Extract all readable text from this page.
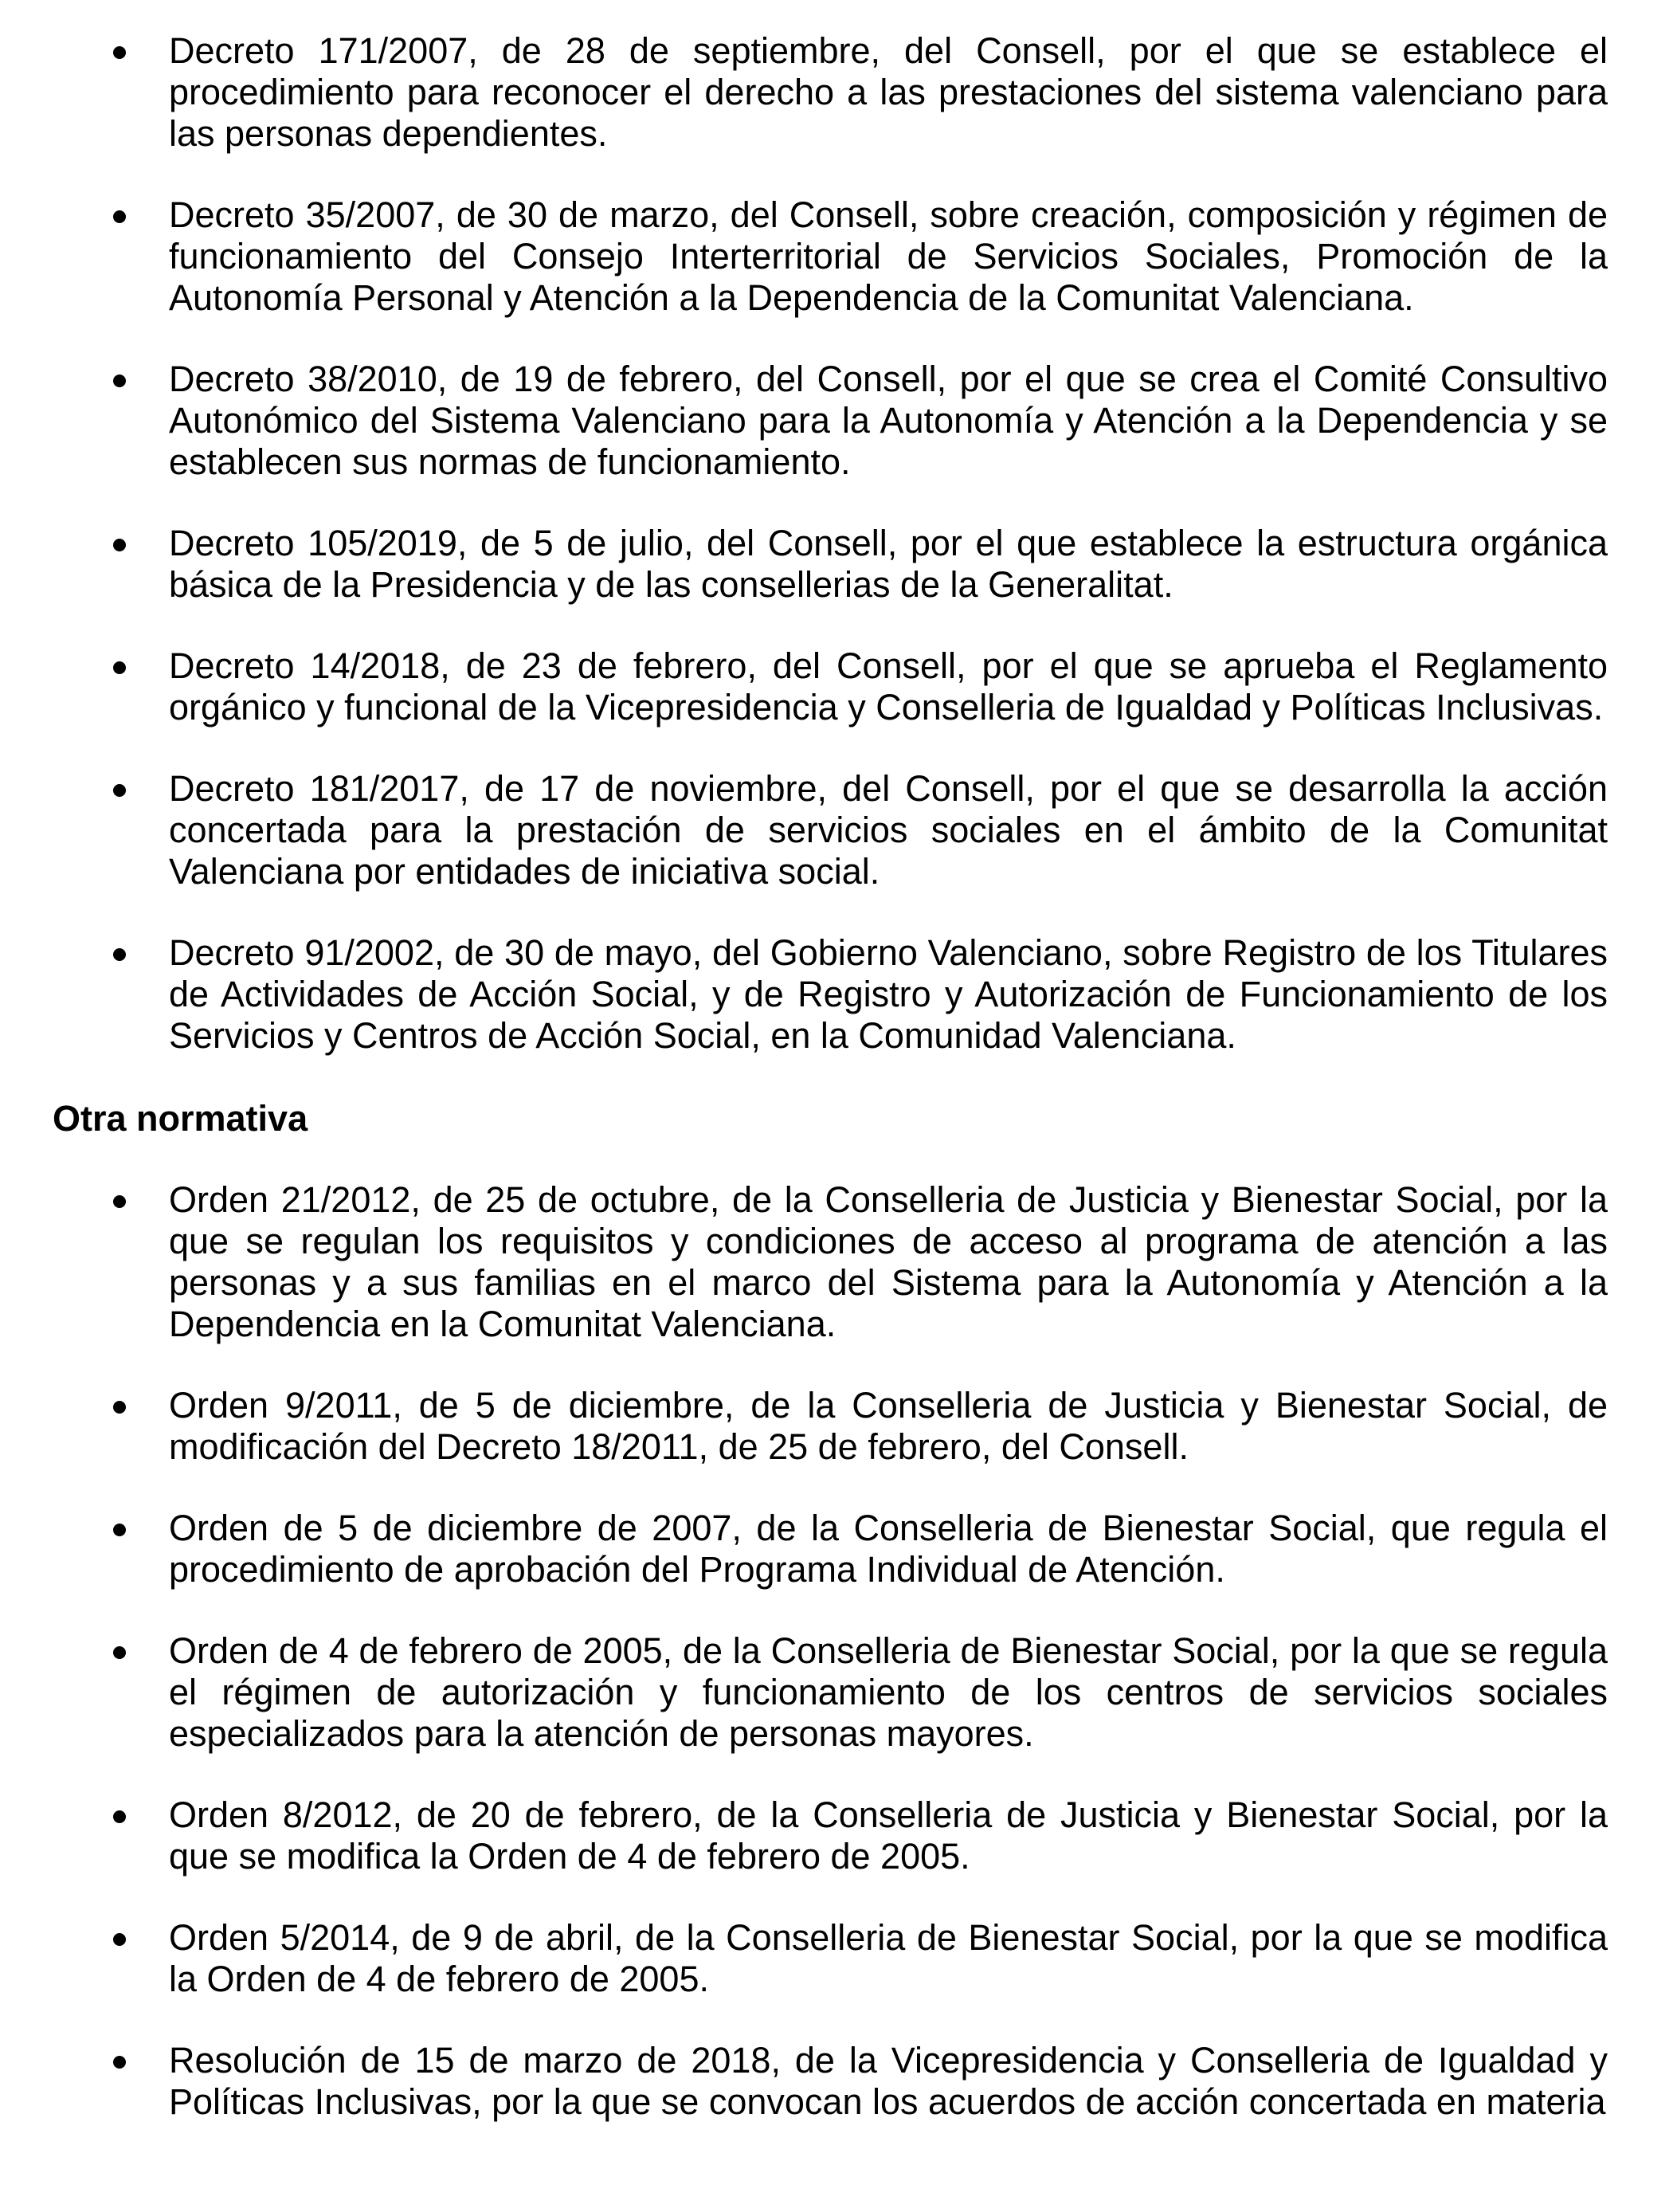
Decreto 171/2007, de 28 de septiembre, del Consell, por el que se establece el procedimiento para reconocer el derecho a las prestaciones del sistema valenciano para las personas dependientes.

Decreto 35/2007, de 30 de marzo, del Consell, sobre creación, composición y régimen de funcionamiento del Consejo Interterritorial de Servicios Sociales, Promoción de la Autonomía Personal y Atención a la Dependencia de la Comunitat Valenciana.

Decreto 38/2010, de 19 de febrero, del Consell, por el que se crea el Comité Consultivo Autonómico del Sistema Valenciano para la Autonomía y Atención a la Dependencia y se establecen sus normas de funcionamiento.

Decreto 105/2019, de 5 de julio, del Consell, por el que establece la estructura orgánica básica de la Presidencia y de las consellerias de la Generalitat.

Decreto 14/2018, de 23 de febrero, del Consell, por el que se aprueba el Reglamento orgánico y funcional de la Vicepresidencia y Conselleria de Igualdad y Políticas Inclusivas.

Decreto 181/2017, de 17 de noviembre, del Consell, por el que se desarrolla la acción concertada para la prestación de servicios sociales en el ámbito de la Comunitat Valenciana por entidades de iniciativa social.

Decreto 91/2002, de 30 de mayo, del Gobierno Valenciano, sobre Registro de los Titulares de Actividades de Acción Social, y de Registro y Autorización de Funcionamiento de los Servicios y Centros de Acción Social, en la Comunidad Valenciana.

Otra normativa

Orden 21/2012, de 25 de octubre, de la Conselleria de Justicia y Bienestar Social, por la que se regulan los requisitos y condiciones de acceso al programa de atención a las personas y a sus familias en el marco del Sistema para la Autonomía y Atención a la Dependencia en la Comunitat Valenciana.

Orden 9/2011, de 5 de diciembre, de la Conselleria de Justicia y Bienestar Social, de modificación del Decreto 18/2011, de 25 de febrero, del Consell.

Orden de 5 de diciembre de 2007, de la Conselleria de Bienestar Social, que regula el procedimiento de aprobación del Programa Individual de Atención.

Orden de 4 de febrero de 2005, de la Conselleria de Bienestar Social, por la que se regula el régimen de autorización y funcionamiento de los centros de servicios sociales especializados para la atención de personas mayores.

Orden 8/2012, de 20 de febrero, de la Conselleria de Justicia y Bienestar Social, por la que se modifica la Orden de 4 de febrero de 2005.

Orden 5/2014, de 9 de abril, de la Conselleria de Bienestar Social, por la que se modifica la Orden de 4 de febrero de 2005.

Resolución de 15 de marzo de 2018, de la Vicepresidencia y Conselleria de Igualdad y Políticas Inclusivas, por la que se convocan los acuerdos de acción concertada en materia
